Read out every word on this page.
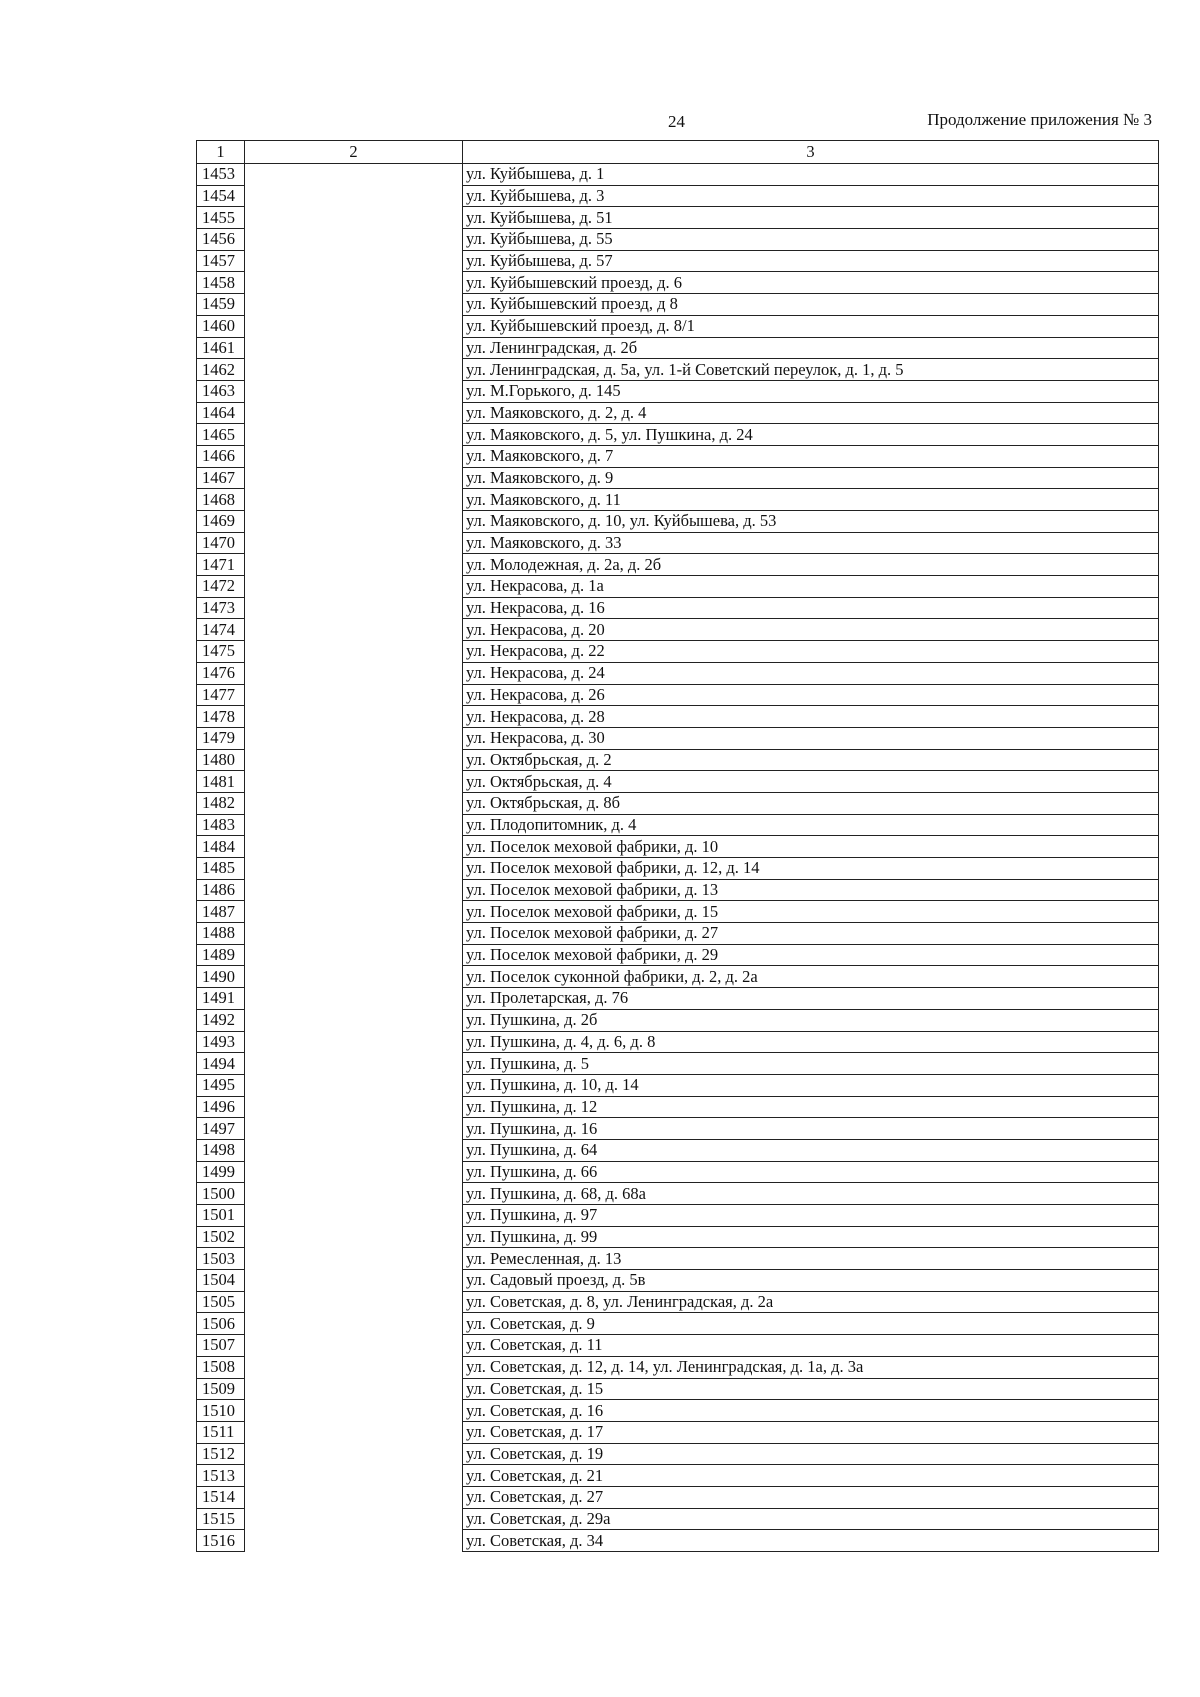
24	Продолжение приложения № 3
1	2	3
1453		ул. Куйбышева, д. 1
1454		ул. Куйбышева, д. 3
1455		ул. Куйбышева, д. 51
1456		ул. Куйбышева, д. 55
1457		ул. Куйбышева, д. 57
1458		ул. Куйбышевский проезд, д. 6
1459		ул. Куйбышевский проезд, д 8
1460		ул. Куйбышевский проезд, д. 8/1
1461		ул. Ленинградская, д. 2б
1462		ул. Ленинградская, д. 5а, ул. 1-й Советский переулок, д. 1, д. 5
1463		ул. М.Горького, д. 145
1464		ул. Маяковского, д. 2, д. 4
1465		ул. Маяковского, д. 5, ул. Пушкина, д. 24
1466		ул. Маяковского, д. 7
1467		ул. Маяковского, д. 9
1468		ул. Маяковского, д. 11
1469		ул. Маяковского, д. 10, ул. Куйбышева, д. 53
1470		ул. Маяковского, д. 33
1471		ул. Молодежная, д. 2а, д. 2б
1472		ул. Некрасова, д. 1а
1473		ул. Некрасова, д. 16
1474		ул. Некрасова, д. 20
1475		ул. Некрасова, д. 22
1476		ул. Некрасова, д. 24
1477		ул. Некрасова, д. 26
1478		ул. Некрасова, д. 28
1479		ул. Некрасова, д. 30
1480		ул. Октябрьская, д. 2
1481		ул. Октябрьская, д. 4
1482		ул. Октябрьская, д. 8б
1483		ул. Плодопитомник, д. 4
1484		ул. Поселок меховой фабрики, д. 10
1485		ул. Поселок меховой фабрики, д. 12, д. 14
1486		ул. Поселок меховой фабрики, д. 13
1487		ул. Поселок меховой фабрики, д. 15
1488		ул. Поселок меховой фабрики, д. 27
1489		ул. Поселок меховой фабрики, д. 29
1490		ул. Поселок суконной фабрики, д. 2, д. 2а
1491		ул. Пролетарская, д. 76
1492		ул. Пушкина, д. 2б
1493		ул. Пушкина, д. 4, д. 6, д. 8
1494		ул. Пушкина, д. 5
1495		ул. Пушкина, д. 10, д. 14
1496		ул. Пушкина, д. 12
1497		ул. Пушкина, д. 16
1498		ул. Пушкина, д. 64
1499		ул. Пушкина, д. 66
1500		ул. Пушкина, д. 68, д. 68а
1501		ул. Пушкина, д. 97
1502		ул. Пушкина, д. 99
1503		ул. Ремесленная, д. 13
1504		ул. Садовый проезд, д. 5в
1505		ул. Советская, д. 8, ул. Ленинградская, д. 2а
1506		ул. Советская, д. 9
1507		ул. Советская, д. 11
1508		ул. Советская, д. 12, д. 14, ул. Ленинградская, д. 1а, д. 3а
1509		ул. Советская, д. 15
1510		ул. Советская, д. 16
1511		ул. Советская, д. 17
1512		ул. Советская, д. 19
1513		ул. Советская, д. 21
1514		ул. Советская, д. 27
1515		ул. Советская, д. 29а
1516		ул. Советская, д. 34
